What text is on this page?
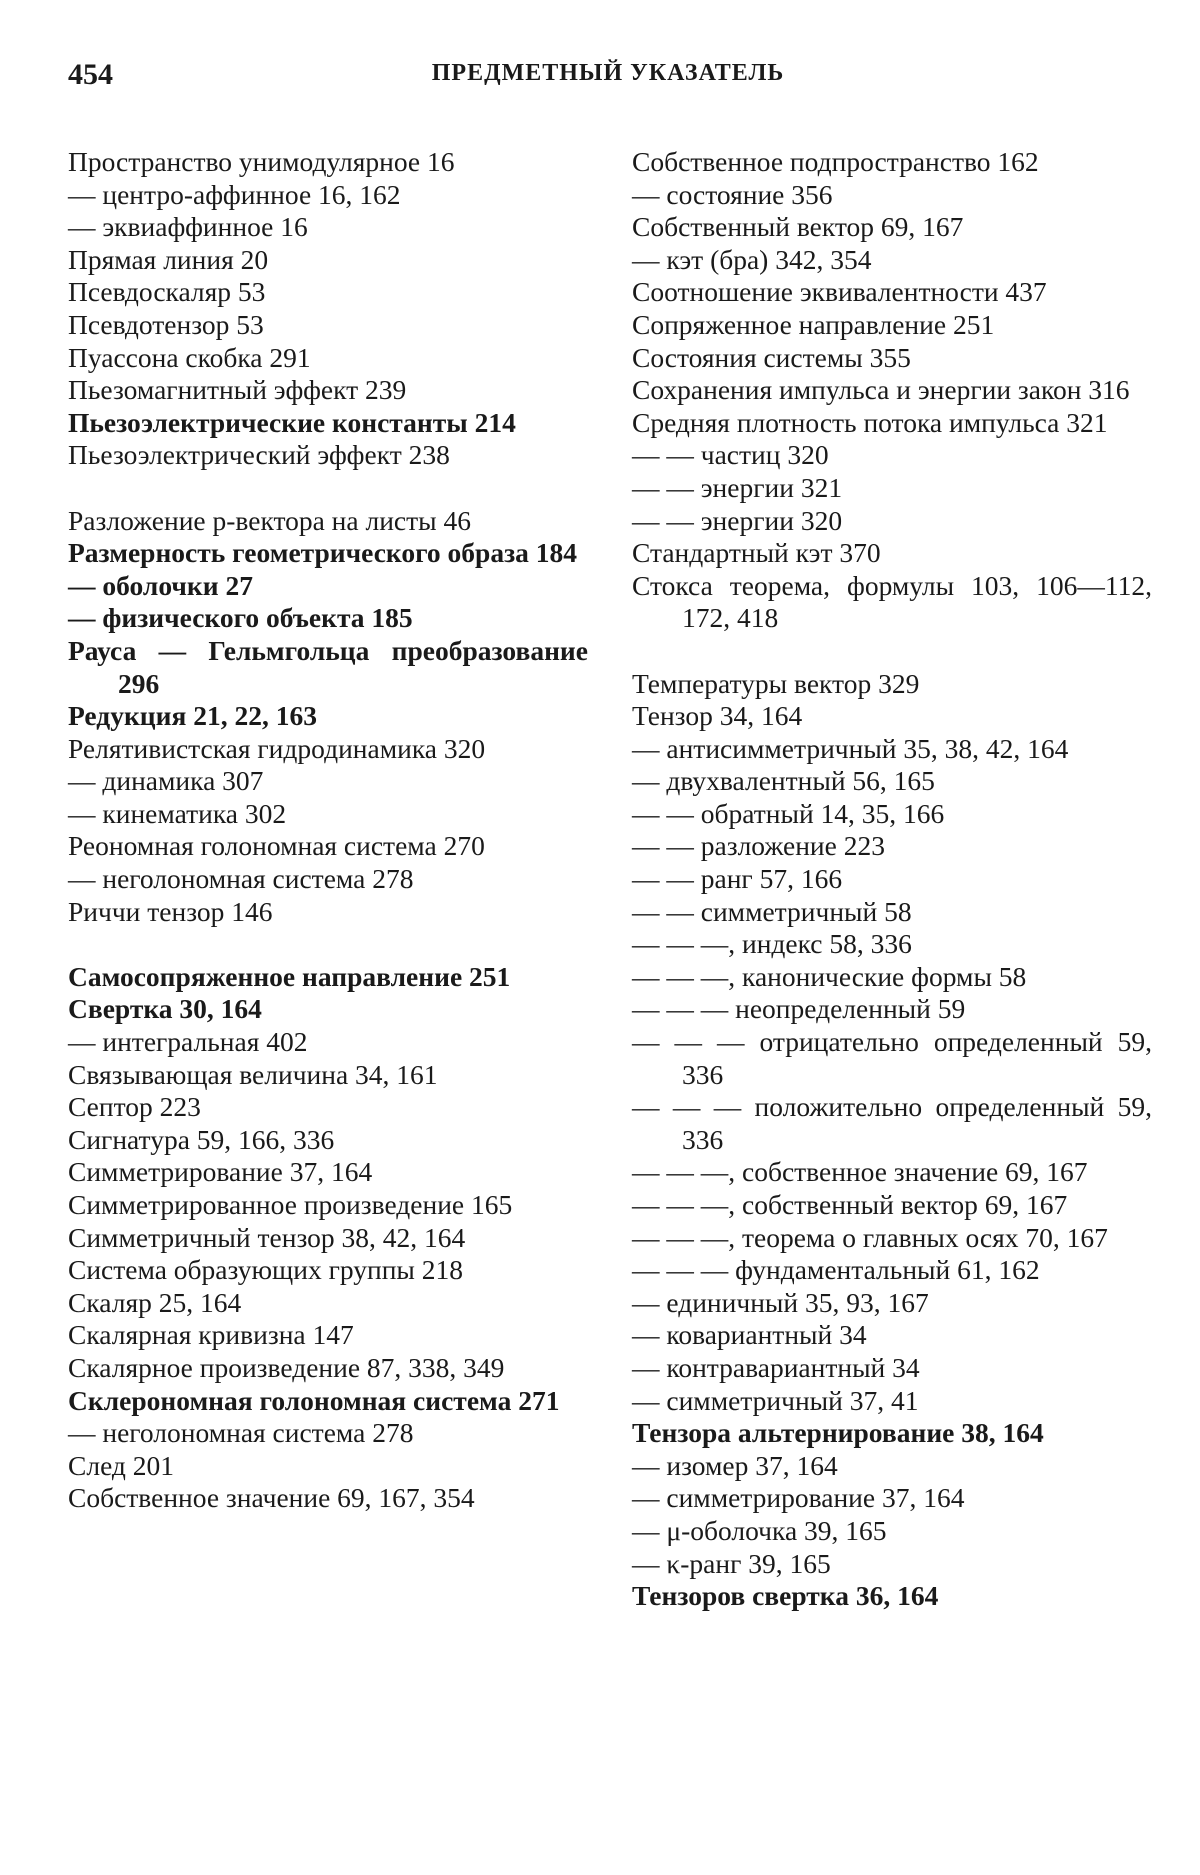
454	ПРЕДМЕТНЫЙ УКАЗАТЕЛЬ
Пространство унимодулярное 16
— центро-аффинное 16, 162
— эквиаффинное 16
Прямая линия 20
Псевдоскаляр 53
Псевдотензор 53
Пуассона скобка 291
Пьезомагнитный эффект 239
Пьезоэлектрические константы 214
Пьезоэлектрический эффект 238
Разложение p-вектора на листы 46
Размерность геометрического образа 184
— оболочки 27
— физического объекта 185
Рауса — Гельмгольца преобразование 296
Редукция 21, 22, 163
Релятивистская гидродинамика 320
— динамика 307
— кинематика 302
Реономная голономная система 270
— неголономная система 278
Риччи тензор 146
Самосопряженное направление 251
Свертка 30, 164
— интегральная 402
Связывающая величина 34, 161
Септор 223
Сигнатура 59, 166, 336
Симметрирование 37, 164
Симметрированное произведение 165
Симметричный тензор 38, 42, 164
Система образующих группы 218
Скаляр 25, 164
Скалярная кривизна 147
Скалярное произведение 87, 338, 349
Склерономная голономная система 271
— неголономная система 278
След 201
Собственное значение 69, 167, 354
Собственное подпространство 162
— состояние 356
Собственный вектор 69, 167
— кэт (бра) 342, 354
Соотношение эквивалентности 437
Сопряженное направление 251
Состояния системы 355
Сохранения импульса и энергии закон 316
Средняя плотность потока импульса 321
— — частиц 320
— — энергии 321
— — энергии 320
Стандартный кэт 370
Стокса теорема, формулы 103, 106—112, 172, 418
Температуры вектор 329
Тензор 34, 164
— антисимметричный 35, 38, 42, 164
— двухвалентный 56, 165
— — обратный 14, 35, 166
— — разложение 223
— — ранг 57, 166
— — симметричный 58
— — —, индекс 58, 336
— — —, канонические формы 58
— — — неопределенный 59
— — — отрицательно определенный 59, 336
— — — положительно определенный 59, 336
— — —, собственное значение 69, 167
— — —, собственный вектор 69, 167
— — —, теорема о главных осях 70, 167
— — — фундаментальный 61, 162
— единичный 35, 93, 167
— ковариантный 34
— контравариантный 34
— симметричный 37, 41
Тензора альтернирование 38, 164
— изомер 37, 164
— симметрирование 37, 164
— μ-оболочка 39, 165
— κ-ранг 39, 165
Тензоров свертка 36, 164
